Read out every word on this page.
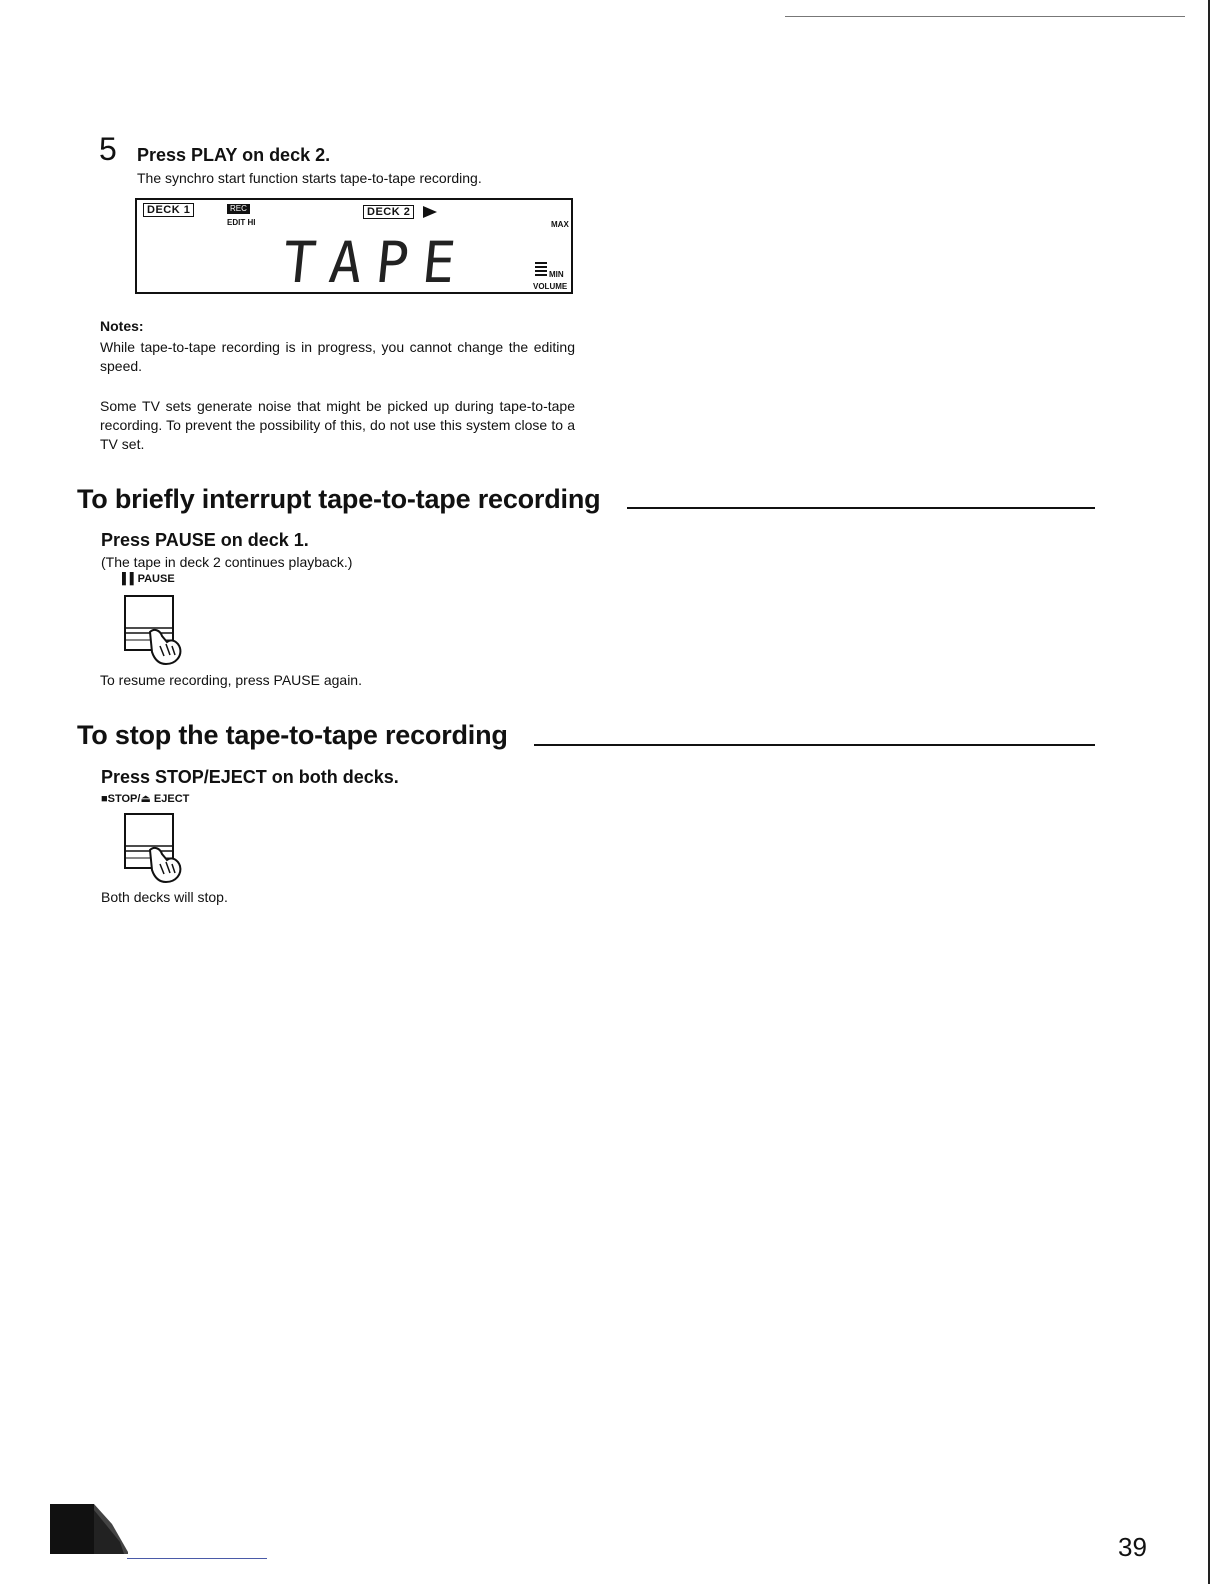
5 Press PLAY on deck 2.
The synchro start function starts tape-to-tape recording.
DECK 1	REC
EDIT HI
DECK 2
MAX
TAPE	MIN
VOLUME
Notes:
While tape-to-tape recording is in progress, you cannot change the editing speed.
Some TV sets generate noise that might be picked up during tape-to-tape recording. To prevent the possibility of this, do not use this system close to a TV set.
To briefly interrupt tape-to-tape recording
Press PAUSE on deck 1.
(The tape in deck 2 continues playback.)
▌▌PAUSE
To resume recording, press PAUSE again.
To stop the tape-to-tape recording
Press STOP/EJECT on both decks.
■STOP/⏏ EJECT
Both decks will stop.
39
